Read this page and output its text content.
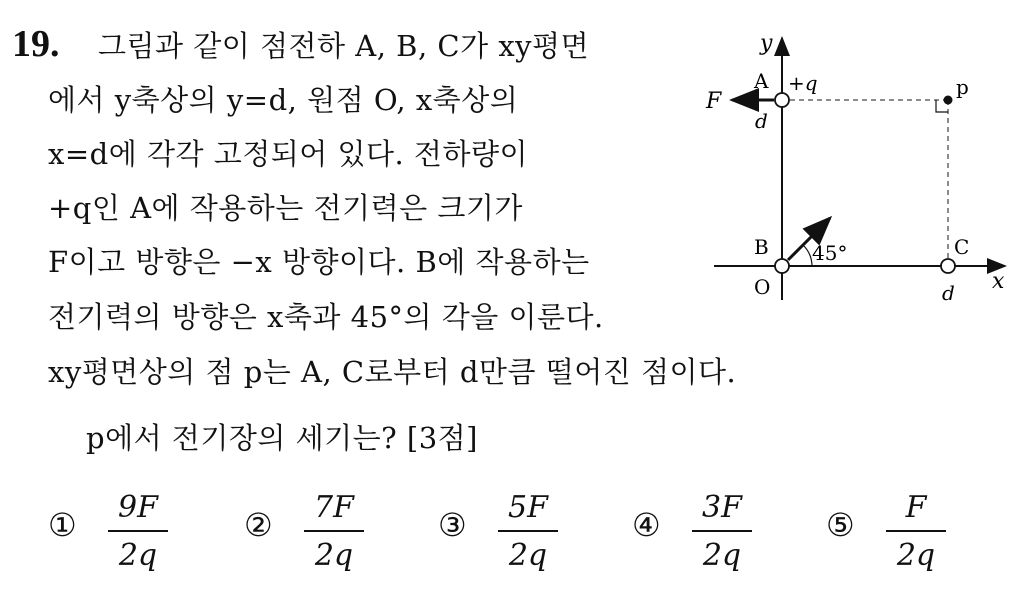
19. 그림과 같이 점전하 A, B, C가 xy평면
에서 y축상의 y=d, 원점 O, x축상의
x=d에 각각 고정되어 있다. 전하량이
+q인 A에 작용하는 전기력은 크기가
F이고 방향은 −x 방향이다. B에 작용하는
전기력의 방향은 x축과 45°의 각을 이룬다.
xy평면상의 점 p는 A, C로부터 d만큼 떨어진 점이다.
p에서 전기장의 세기는? [3점]
①	9F
2q
②	7F
2q
③	5F
2q
④	3F
2q
⑤	F
2q
y
x
A +q
F
d
p
B 45°
O
C
d
